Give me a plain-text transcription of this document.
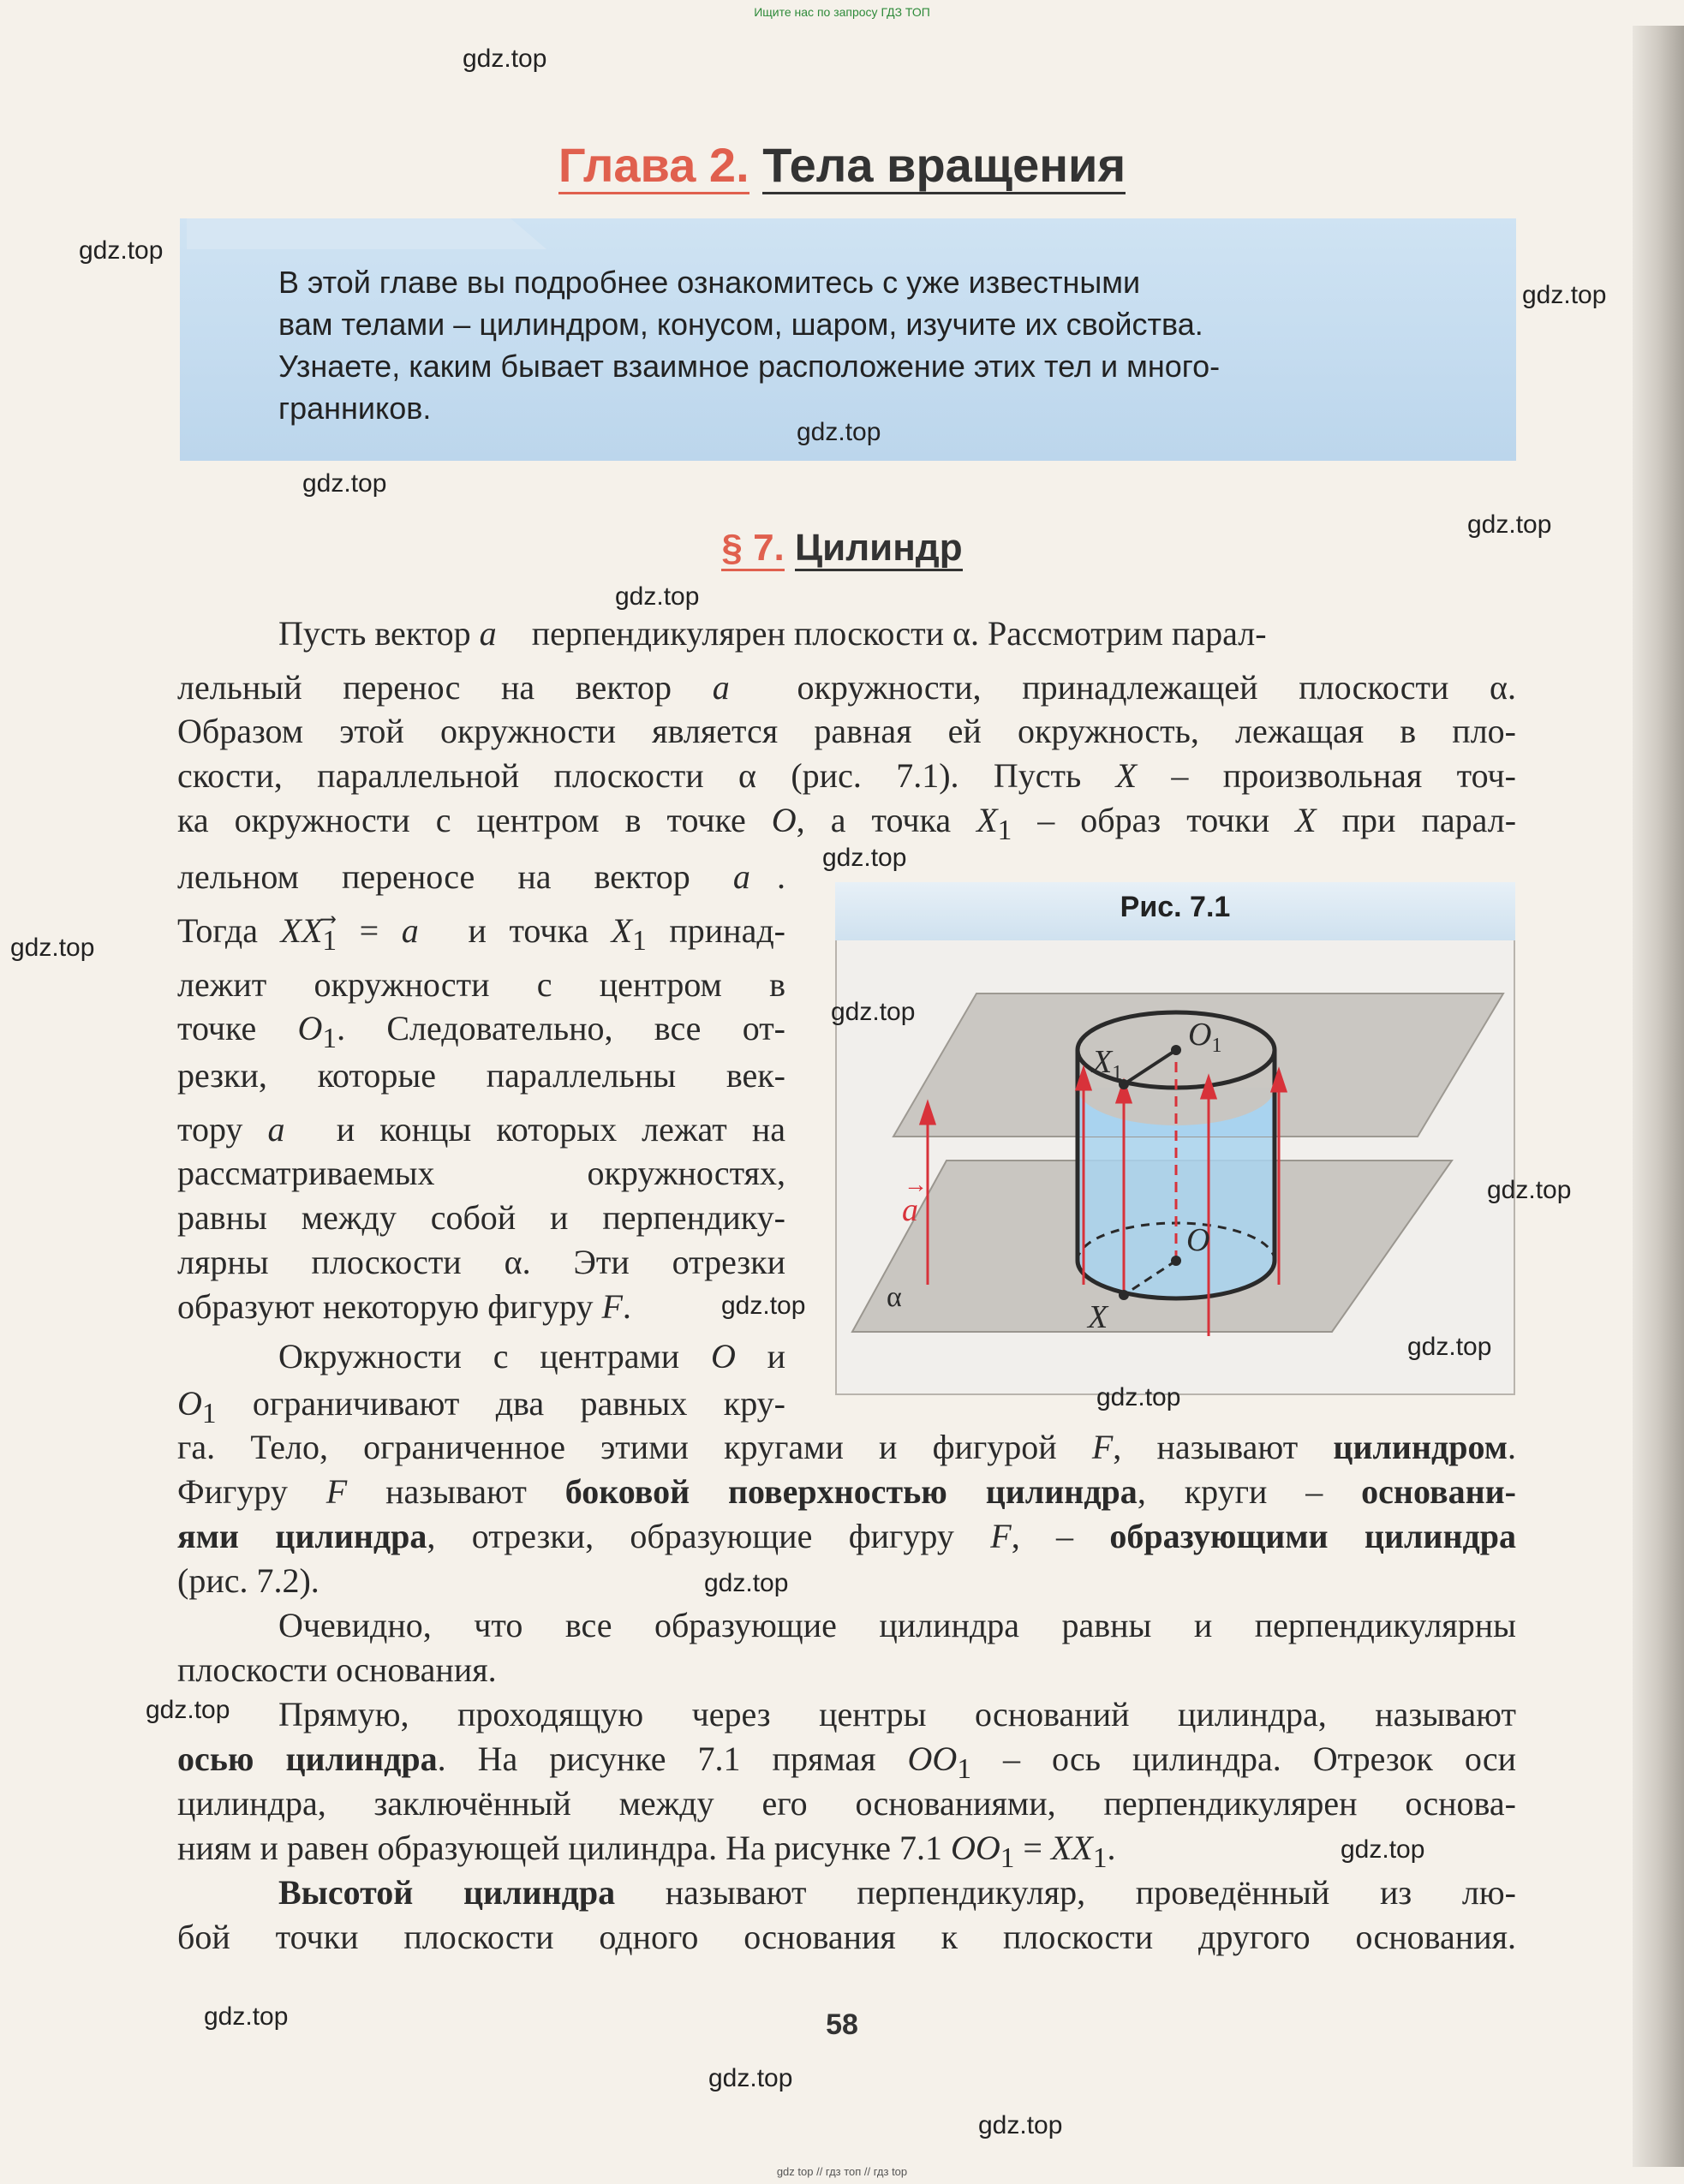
Ищите нас по запросу ГДЗ ТОП
Глава 2. Тела вращения
В этой главе вы подробнее ознакомитесь с уже известными
вам телами – цилиндром, конусом, шаром, изучите их свойства.
Узнаете, каким бывает взаимное расположение этих тел и много-
гранников.
§ 7. Цилиндр
Пусть вектор a⃗ перпендикулярен плоскости α. Рассмотрим парал-
лельный перенос на вектор a⃗ окружности, принадлежащей плоскости α.
Образом этой окружности является равная ей окружность, лежащая в пло-
скости, параллельной плоскости α (рис. 7.1). Пусть X – произвольная точ-
ка окружности с центром в точке O, а точка $X_1$ – образ точки X при парал-
лельном переносе на вектор a⃗.
Тогда $XX_1⃗$ = a⃗ и точка $X_1$ принад-
лежит окружности с центром в
точке $O_1$. Следовательно, все от-
резки, которые параллельны век-
тору a⃗ и концы которых лежат на
рассматриваемых окружностях,
равны между собой и перпендику-
лярны плоскости α. Эти отрезки
образуют некоторую фигуру F.
Окружности с центрами O и
$O_1$ ограничивают два равных кру-
га. Тело, ограниченное этими кругами и фигурой F, называют цилиндром.
Фигуру F называют боковой поверхностью цилиндра, круги – основани-
ями цилиндра, отрезки, образующие фигуру F, – образующими цилиндра
(рис. 7.2).
Очевидно, что все образующие цилиндра равны и перпендикулярны
плоскости основания.
Прямую, проходящую через центры оснований цилиндра, называют
осью цилиндра. На рисунке 7.1 прямая $OO_1$ – ось цилиндра. Отрезок оси
цилиндра, заключённый между его основаниями, перпендикулярен основа-
ниям и равен образующей цилиндра. На рисунке 7.1 $OO_1 = XX_1$.
Высотой цилиндра называют перпендикуляр, проведённый из лю-
бой точки плоскости одного основания к плоскости другого основания.
Рис. 7.1
$O_1$
$X_1$
O
X
a
→
α
58
gdz.top
gdz.top
gdz.top
gdz.top
gdz.top
gdz.top
gdz.top
gdz.top
gdz.top
gdz.top
gdz.top
gdz.top
gdz.top
gdz.top
gdz.top
gdz.top
gdz.top
gdz.top
gdz.top
gdz.top
gdz top // гдз топ // гдз top
